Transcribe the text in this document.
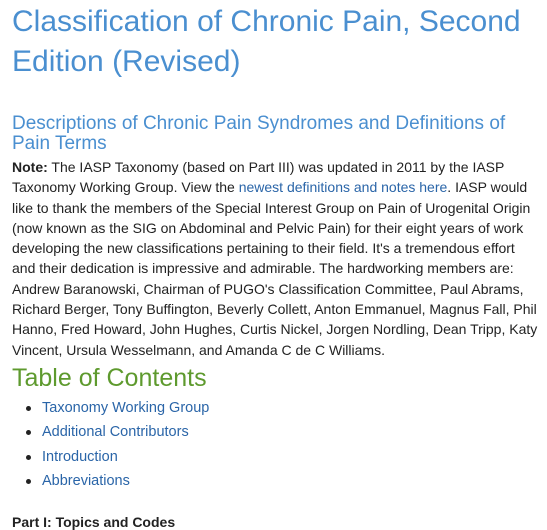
Classification of Chronic Pain, Second Edition (Revised)
Descriptions of Chronic Pain Syndromes and Definitions of Pain Terms

Note: The IASP Taxonomy (based on Part III) was updated in 2011 by the IASP Taxonomy Working Group. View the newest definitions and notes here. IASP would like to thank the members of the Special Interest Group on Pain of Urogenital Origin (now known as the SIG on Abdominal and Pelvic Pain) for their eight years of work developing the new classifications pertaining to their field. It's a tremendous effort and their dedication is impressive and admirable. The hardworking members are: Andrew Baranowski, Chairman of PUGO's Classification Committee, Paul Abrams, Richard Berger, Tony Buffington, Beverly Collett, Anton Emmanuel, Magnus Fall, Phil Hanno, Fred Howard, John Hughes, Curtis Nickel, Jorgen Nordling, Dean Tripp, Katy Vincent, Ursula Wesselmann, and Amanda C de C Williams.

Table of Contents
Taxonomy Working Group
Additional Contributors
Introduction
Abbreviations
Part I: Topics and Codes
